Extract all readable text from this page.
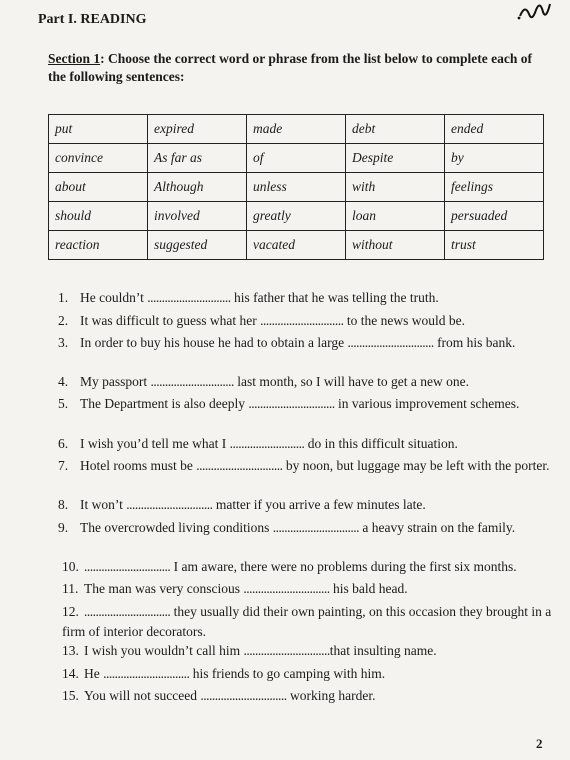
Part I. READING
Section 1: Choose the correct word or phrase from the list below to complete each of the following sentences:
put	expired	made	debt	ended
convince	As far as	of	Despite	by
about	Although	unless	with	feelings
should	involved	greatly	loan	persuaded
reaction	suggested	vacated	without	trust
1. He couldn’t ............................. his father that he was telling the truth.
2. It was difficult to guess what her ............................. to the news would be.
3. In order to buy his house he had to obtain a large .............................. from his bank.
4. My passport ............................. last month, so I will have to get a new one.
5. The Department is also deeply .............................. in various improvement schemes.
6. I wish you’d tell me what I .......................... do in this difficult situation.
7. Hotel rooms must be .............................. by noon, but luggage may be left with the porter.
8. It won’t .............................. matter if you arrive a few minutes late.
9. The overcrowded living conditions .............................. a heavy strain on the family.
10. .............................. I am aware, there were no problems during the first six months.
11. The man was very conscious .............................. his bald head.
12. .............................. they usually did their own painting, on this occasion they brought in a firm of interior decorators.
13. I wish you wouldn’t call him ..............................that insulting name.
14. He .............................. his friends to go camping with him.
15. You will not succeed .............................. working harder.
2
